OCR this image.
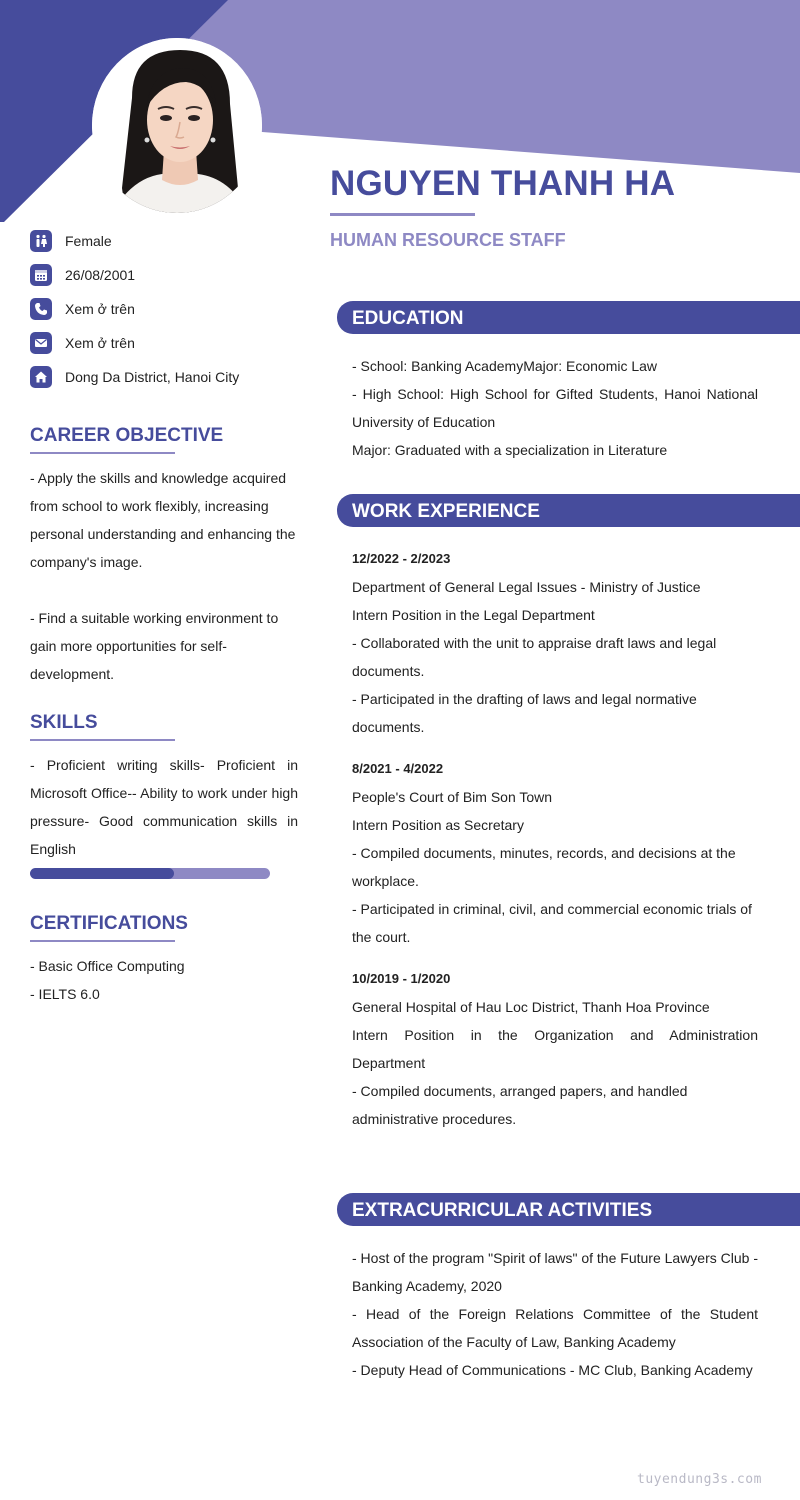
Female
26/08/2001
Xem ở trên
Xem ở trên
Dong Da District, Hanoi City
CAREER OBJECTIVE

- Apply the skills and knowledge acquired from school to work flexibly, increasing personal understanding and enhancing the company's image.

- Find a suitable working environment to gain more opportunities for self-development.

SKILLS
- Proficient writing skills- Proficient in Microsoft Office-- Ability to work under high pressure- Good communication skills in English
CERTIFICATIONS

- Basic Office Computing

- IELTS 6.0

NGUYEN THANH HA
HUMAN RESOURCE STAFF
EDUCATION

- School: Banking AcademyMajor: Economic Law

- High School: High School for Gifted Students, Hanoi National University of Education

Major: Graduated with a specialization in Literature

WORK EXPERIENCE

12/2022 - 2/2023

Department of General Legal Issues - Ministry of Justice

Intern Position in the Legal Department

- Collaborated with the unit to appraise draft laws and legal documents.

- Participated in the drafting of laws and legal normative documents.

8/2021 - 4/2022

People's Court of Bim Son Town

Intern Position as Secretary

- Compiled documents, minutes, records, and decisions at the workplace.

- Participated in criminal, civil, and commercial economic trials of the court.

10/2019 - 1/2020

General Hospital of Hau Loc District, Thanh Hoa Province

Intern Position in the Organization and Administration Department

- Compiled documents, arranged papers, and handled administrative procedures.

EXTRACURRICULAR ACTIVITIES

- Host of the program "Spirit of laws" of the Future Lawyers Club - Banking Academy, 2020

- Head of the Foreign Relations Committee of the Student Association of the Faculty of Law, Banking Academy

- Deputy Head of Communications - MC Club, Banking Academy

tuyendung3s.com
